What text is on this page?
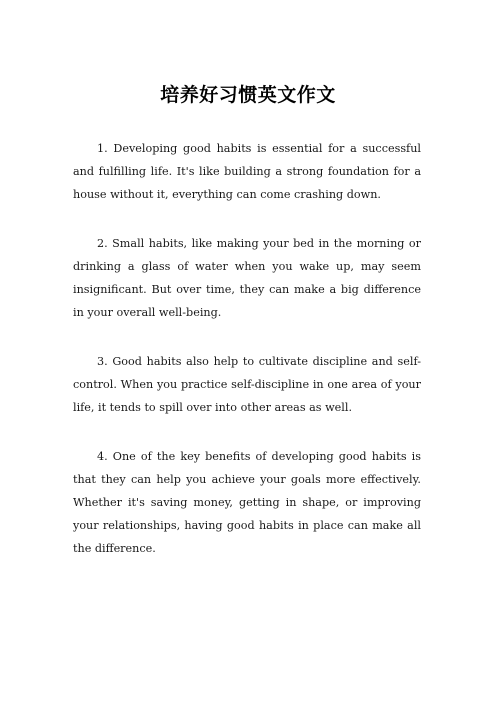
培养好习惯英文作文

1. Developing good habits is essential for a successful and fulfilling life. It's like building a strong foundation for a house without it, everything can come crashing down.

2. Small habits, like making your bed in the morning or drinking a glass of water when you wake up, may seem insignificant. But over time, they can make a big difference in your overall well-being.

3. Good habits also help to cultivate discipline and self-control. When you practice self-discipline in one area of your life, it tends to spill over into other areas as well.

4. One of the key benefits of developing good habits is that they can help you achieve your goals more effectively. Whether it's saving money, getting in shape, or improving your relationships, having good habits in place can make all the difference.
